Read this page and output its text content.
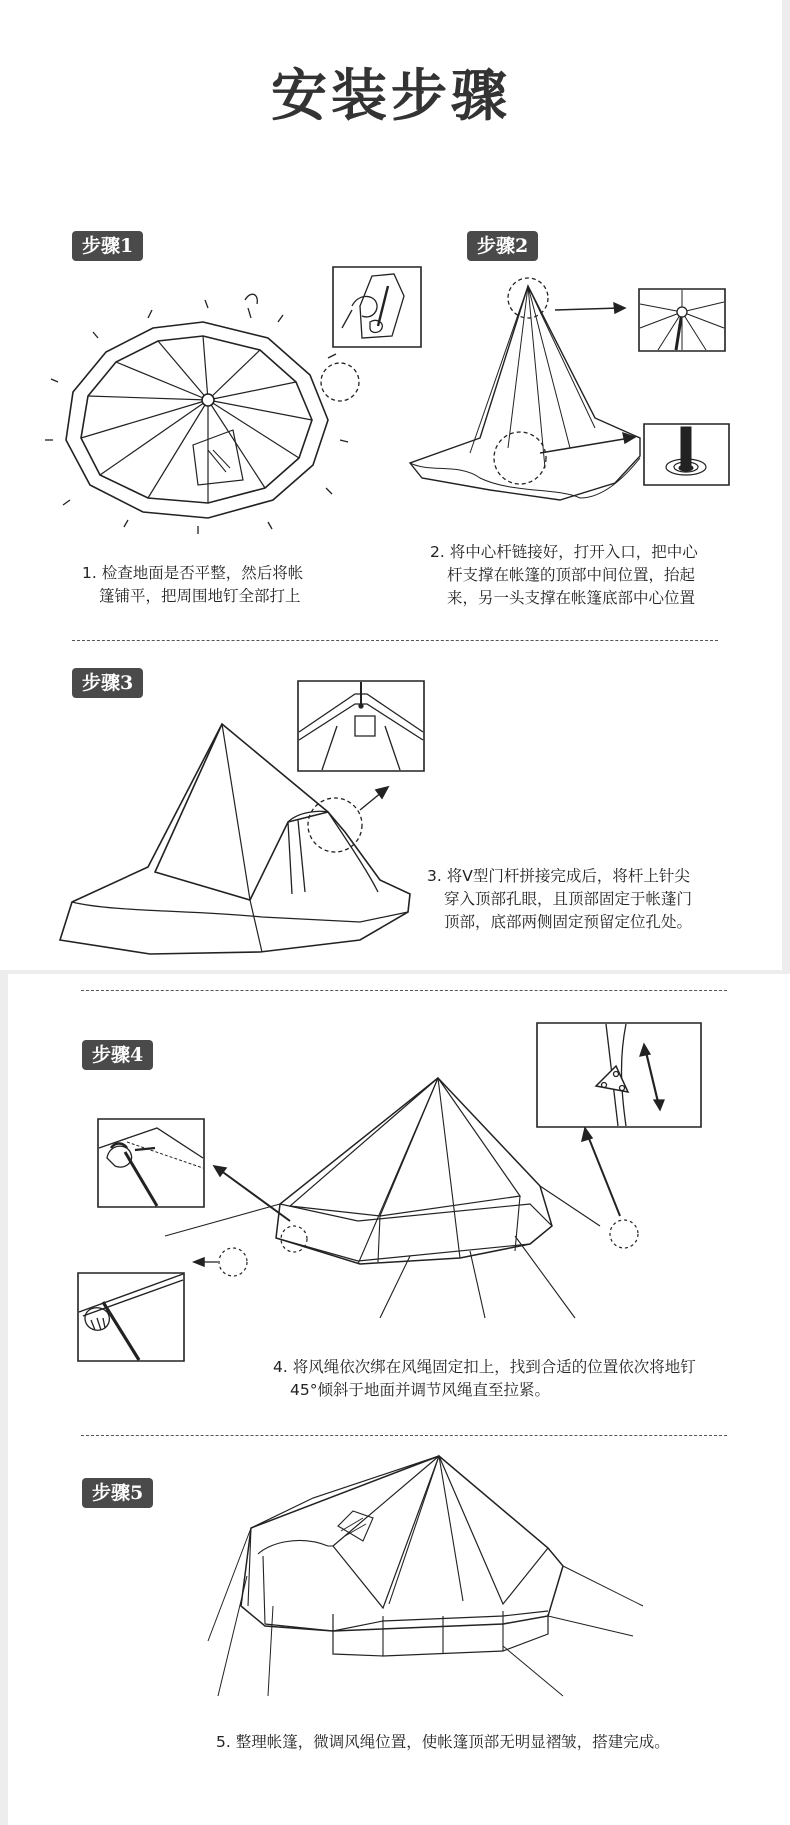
安装步骤
步骤1
1. 检查地面是否平整，然后将帐
篷铺平，把周围地钉全部打上
步骤2
2. 将中心杆链接好，打开入口，把中心
杆支撑在帐篷的顶部中间位置，抬起
来，另一头支撑在帐篷底部中心位置
步骤3
3. 将V型门杆拼接完成后，将杆上针尖
穿入顶部孔眼，且顶部固定于帐蓬门
顶部，底部两侧固定预留定位孔处。
步骤4
4. 将风绳依次绑在风绳固定扣上，找到合适的位置依次将地钉
45°倾斜于地面并调节风绳直至拉紧。
步骤5
5. 整理帐篷，微调风绳位置，使帐篷顶部无明显褶皱，搭建完成。
